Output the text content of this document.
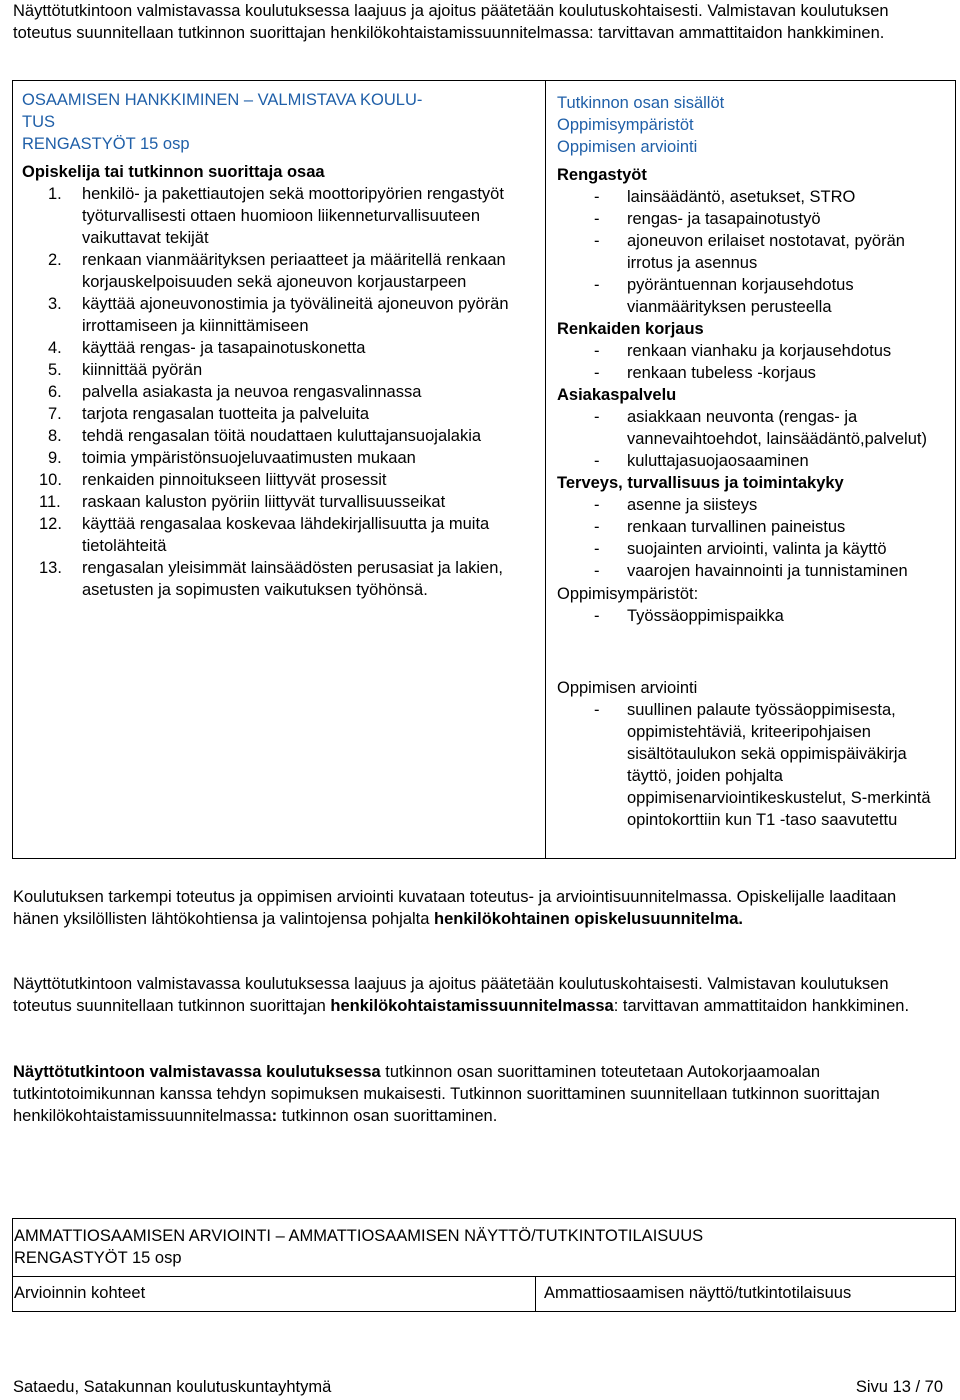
Näyttötutkintoon valmistavassa koulutuksessa laajuus ja ajoitus päätetään koulutuskohtaisesti. Valmistavan koulutuksen toteutus suunnitellaan tutkinnon suorittajan henkilökohtaistamissuunnitelmassa: tarvittavan ammattitaidon hankkiminen.

OSAAMISEN HANKKIMINEN – VALMISTAVA KOULU-
TUS

RENGASTYÖT 15 osp

Opiskelija tai tutkinnon suorittaja osaa

1.	henkilö- ja pakettiautojen sekä moottoripyörien rengastyöt työturvallisesti ottaen huomioon liikenneturvallisuuteen vaikuttavat tekijät
2.	renkaan vianmäärityksen periaatteet ja määritellä renkaan korjauskelpoisuuden sekä ajoneuvon korjaustarpeen
3.	käyttää ajoneuvonostimia ja työvälineitä ajoneuvon pyörän irrottamiseen ja kiinnittämiseen
4.	käyttää rengas- ja tasapainotuskonetta
5.	kiinnittää pyörän
6.	palvella asiakasta ja neuvoa rengasvalinnassa
7.	tarjota rengasalan tuotteita ja palveluita
8.	tehdä rengasalan töitä noudattaen kuluttajansuojalakia
9.	toimia ympäristönsuojeluvaatimusten mukaan
10.	renkaiden pinnoitukseen liittyvät prosessit
11.	raskaan kaluston pyöriin liittyvät turvallisuusseikat
12.	käyttää rengasalaa koskevaa lähdekirjallisuutta ja muita tietolähteitä
13.	rengasalan yleisimmät lainsäädösten perusasiat ja lakien, asetusten ja sopimusten vaikutuksen työhönsä.

Tutkinnon osan sisällöt

Oppimisympäristöt

Oppimisen arviointi

Rengastyöt

- lainsäädäntö, asetukset, STRO
- rengas- ja tasapainotustyö
- ajoneuvon erilaiset nostotavat, pyörän irrotus ja asennus
- pyöräntuennan korjausehdotus vianmäärityksen perusteella

Renkaiden korjaus

- renkaan vianhaku ja korjausehdotus
- renkaan tubeless -korjaus

Asiakaspalvelu

- asiakkaan neuvonta (rengas- ja vannevaihtoehdot, lainsäädäntö,palvelut)
- kuluttajasuojaosaaminen

Terveys, turvallisuus ja toimintakyky

- asenne ja siisteys
- renkaan turvallinen paineistus
- suojainten arviointi, valinta ja käyttö
- vaarojen havainnointi ja tunnistaminen

Oppimisympäristöt:

- Työssäoppimispaikka

Oppimisen arviointi

- suullinen palaute työssäoppimisesta, oppimistehtäviä, kriteeripohjaisen sisältötaulukon sekä oppimispäiväkirja täyttö, joiden pohjalta oppimisenarviointikeskustelut, S-merkintä opintokorttiin kun T1 -taso saavutettu

Koulutuksen tarkempi toteutus ja oppimisen arviointi kuvataan toteutus- ja arviointisuunnitelmassa. Opiskelijalle laaditaan hänen yksilöllisten lähtökohtiensa ja valintojensa pohjalta henkilökohtainen opiskelusuunnitelma.

Näyttötutkintoon valmistavassa koulutuksessa laajuus ja ajoitus päätetään koulutuskohtaisesti. Valmistavan koulutuksen toteutus suunnitellaan tutkinnon suorittajan henkilökohtaistamissuunnitelmassa: tarvittavan ammattitaidon hankkiminen.

Näyttötutkintoon valmistavassa koulutuksessa tutkinnon osan suorittaminen toteutetaan Autokorjaamoalan tutkintotoimikunnan kanssa tehdyn sopimuksen mukaisesti. Tutkinnon suorittaminen suunnitellaan tutkinnon suorittajan henkilökohtaistamissuunnitelmassa: tutkinnon osan suorittaminen.

AMMATTIOSAAMISEN ARVIOINTI – AMMATTIOSAAMISEN NÄYTTÖ/TUTKINTOTILAISUUS
RENGASTYÖT 15 osp
Arvioinnin kohteet	Ammattiosaamisen näyttö/tutkintotilaisuus
Sataedu, Satakunnan koulutuskuntayhtymä	Sivu 13 / 70
